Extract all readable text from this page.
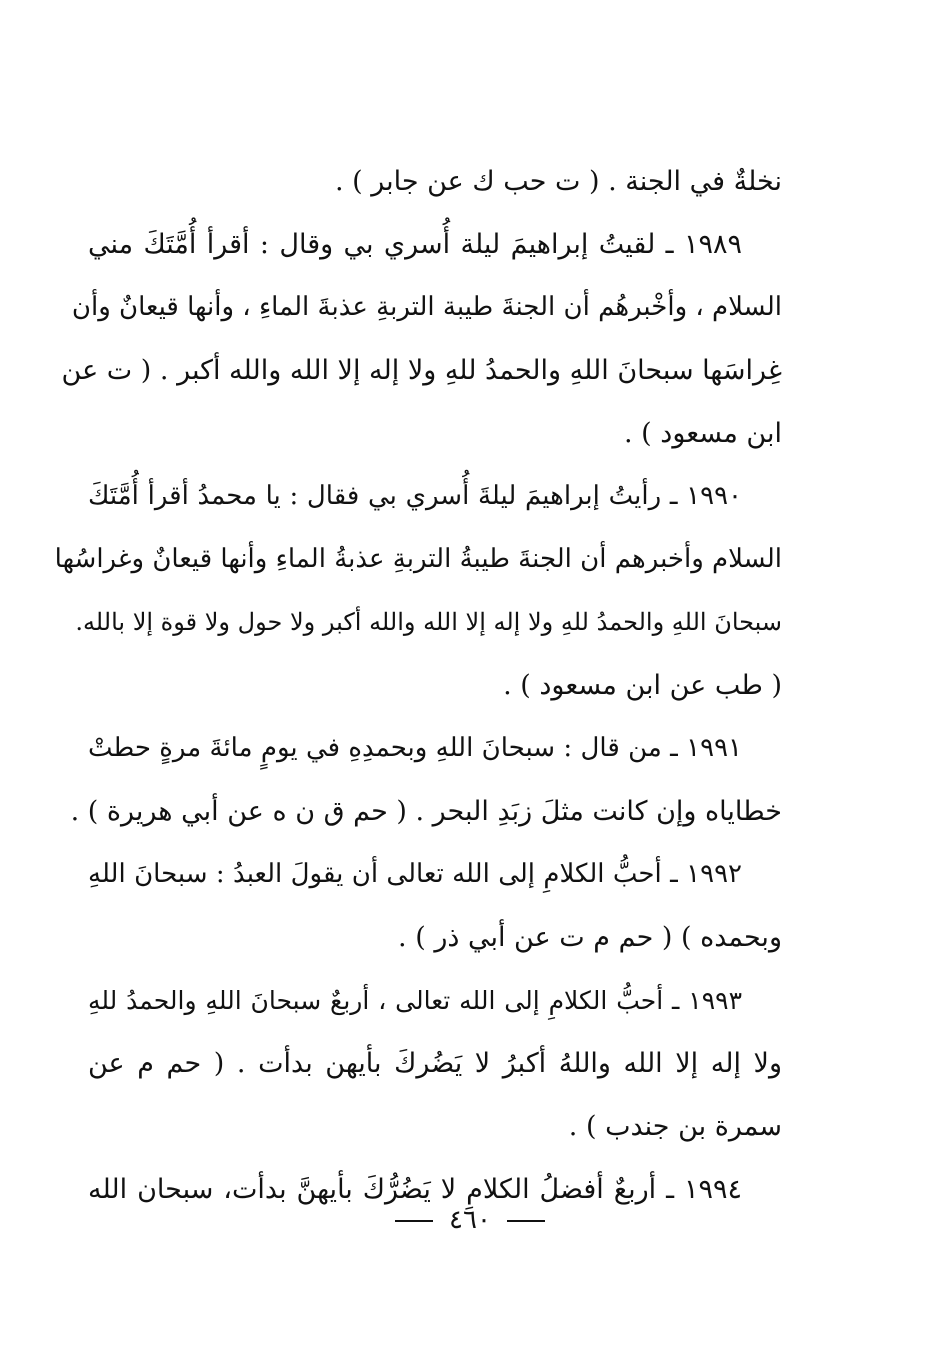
نخلةٌ في الجنة . ( ت حب ك عن جابر ) .
١٩٨٩ ـ لقيتُ إبراهيمَ ليلة أُسري بي وقال : أقرأ أُمَّتَكَ مني
السلام ، وأخْبرهُم أن الجنةَ طيبة التربةِ عذبةَ الماءِ ، وأنها قيعانٌ وأن
غِراسَها سبحانَ اللهِ والحمدُ للهِ ولا إله إلا الله والله أكبر . ( ت عن
ابن مسعود ) .
١٩٩٠ ـ رأيتُ إبراهيمَ ليلةَ أُسري بي فقال : يا محمدُ أقرأ أُمَّتَكَ
السلام وأخبرهم أن الجنةَ طيبةُ التربةِ عذبةُ الماءِ وأنها قيعانٌ وغراسُها
سبحانَ اللهِ والحمدُ للهِ ولا إله إلا الله والله أكبر ولا حول ولا قوة إلا بالله.
( طب عن ابن مسعود ) .
١٩٩١ ـ من قال : سبحانَ اللهِ وبحمدِهِ في يومٍ مائةَ مرةٍ حطتْ
خطاياه وإن كانت مثلَ زبَدِ البحر . ( حم ق ن ه عن أبي هريرة ) .
١٩٩٢ ـ أحبُّ الكلامِ إلى الله تعالى أن يقولَ العبدُ : سبحانَ اللهِ
وبحمده ) ( حم م ت عن أبي ذر ) .
١٩٩٣ ـ أحبُّ الكلامِ إلى الله تعالى ، أربعٌ سبحانَ اللهِ والحمدُ للهِ
ولا إله إلا الله واللهُ أكبرُ لا يَضُركَ بأيهن بدأت . ( حم م عن
سمرة بن جندب ) .
١٩٩٤ ـ أربعٌ أفضلُ الكلامِ لا يَضُرُّكَ بأيهنَّ بدأت، سبحان الله
٤٦٠
